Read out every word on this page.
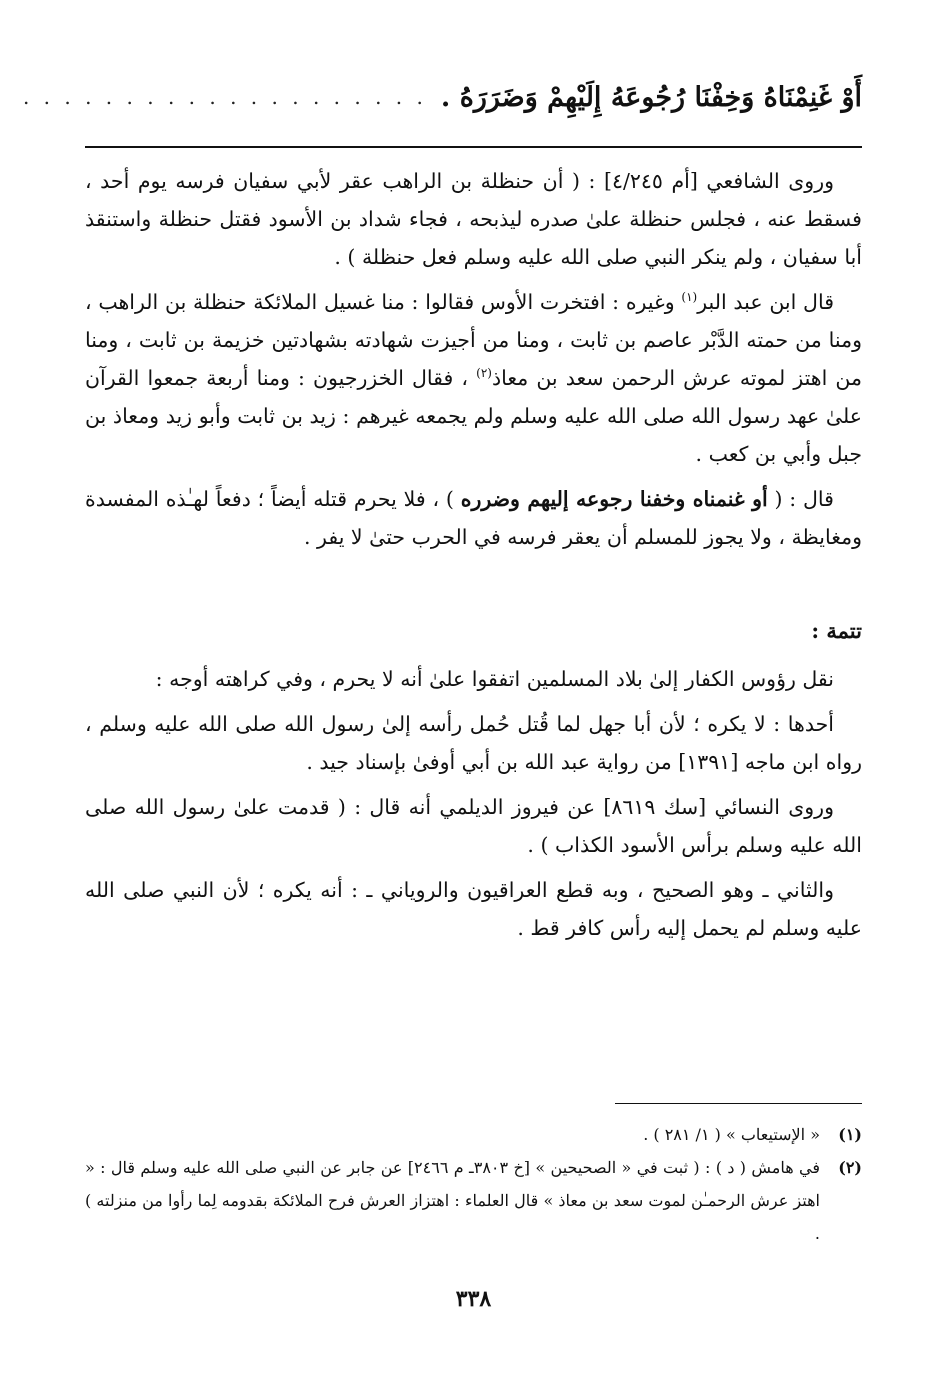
أَوْ غَنِمْنَاهُ وَخِفْنَا رُجُوعَهُ إِلَيْهِمْ وَضَرَرَهُ .
. . . . . . . . . . . . . . . . . . . .

وروى الشافعي [أم ٤/٢٤٥] : ( أن حنظلة بن الراهب عقر لأبي سفيان فرسه يوم أحد ، فسقط عنه ، فجلس حنظلة علىٰ صدره ليذبحه ، فجاء شداد بن الأسود فقتل حنظلة واستنقذ أبا سفيان ، ولم ينكر النبي صلى الله عليه وسلم فعل حنظلة ) .

قال ابن عبد البر$^{(١)}$ وغيره : افتخرت الأوس فقالوا : منا غسيل الملائكة حنظلة بن الراهب ، ومنا من حمته الدَّبْر عاصم بن ثابت ، ومنا من أجيزت شهادته بشهادتين خزيمة بن ثابت ، ومنا من اهتز لموته عرش الرحمن سعد بن معاذ$^{(٢)}$ ، فقال الخزرجيون : ومنا أربعة جمعوا القرآن علىٰ عهد رسول الله صلى الله عليه وسلم ولم يجمعه غيرهم : زيد بن ثابت وأبو زيد ومعاذ بن جبل وأبي بن كعب .

قال : ( أو غنمناه وخفنا رجوعه إليهم وضرره ) ، فلا يحرم قتله أيضاً ؛ دفعاً لهـٰذه المفسدة ومغايظة ، ولا يجوز للمسلم أن يعقر فرسه في الحرب حتىٰ لا يفر .

تتمة :

نقل رؤوس الكفار إلىٰ بلاد المسلمين اتفقوا علىٰ أنه لا يحرم ، وفي كراهته أوجه :

أحدها : لا يكره ؛ لأن أبا جهل لما قُتل حُمل رأسه إلىٰ رسول الله صلى الله عليه وسلم ، رواه ابن ماجه [١٣٩١] من رواية عبد الله بن أبي أوفىٰ بإسناد جيد .

وروى النسائي [سك ٨٦١٩] عن فيروز الديلمي أنه قال : ( قدمت علىٰ رسول الله صلى الله عليه وسلم برأس الأسود الكذاب ) .

والثاني ـ وهو الصحيح ، وبه قطع العراقيون والروياني ـ : أنه يكره ؛ لأن النبي صلى الله عليه وسلم لم يحمل إليه رأس كافر قط .

(١)
« الإستيعاب » ( ١/ ٢٨١ ) .
(٢)
في هامش ( د ) : ( ثبت في « الصحيحين » [خ ٣٨٠٣ـ م ٢٤٦٦] عن جابر عن النبي صلى الله عليه وسلم قال : « اهتز عرش الرحمـٰن لموت سعد بن معاذ » قال العلماء : اهتزاز العرش فرح الملائكة بقدومه لِما رأوا من منزلته ) .
٣٣٨
